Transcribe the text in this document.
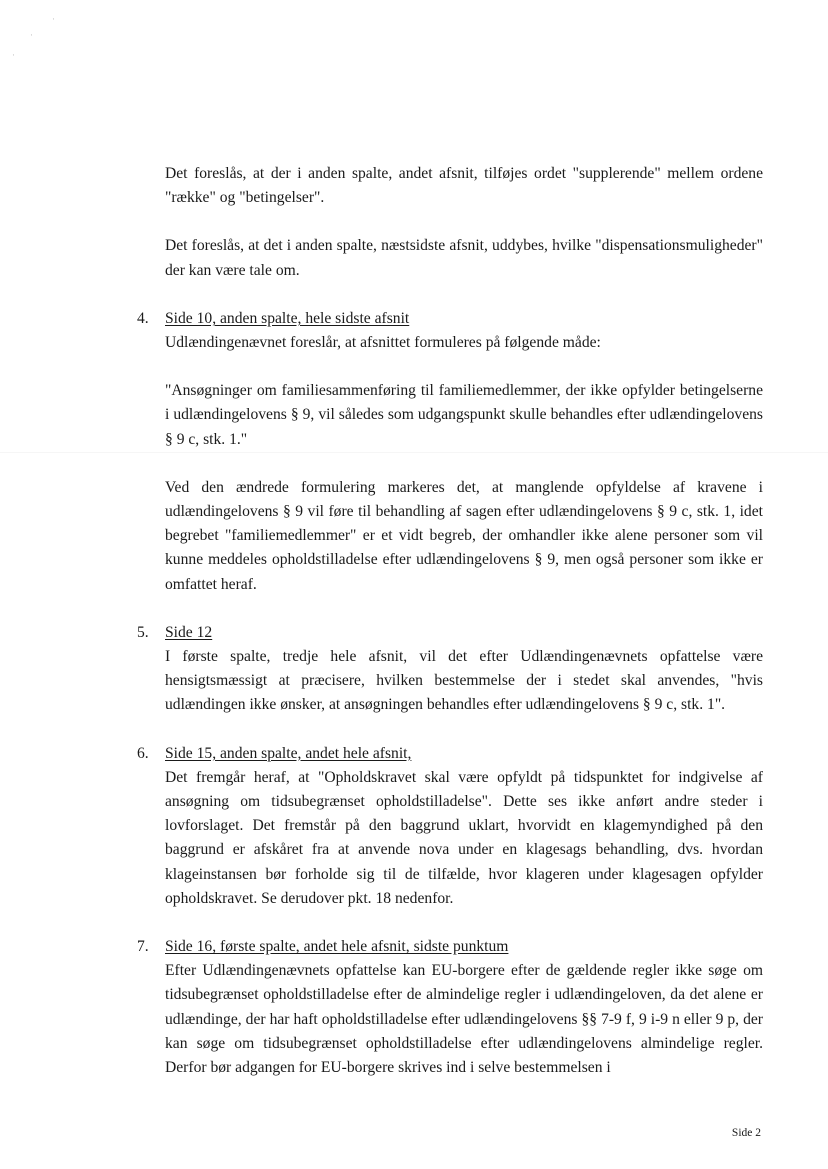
·
·
·

Det foreslås, at der i anden spalte, andet afsnit, tilføjes ordet "supplerende" mellem ordene "række" og "betingelser".

Det foreslås, at det i anden spalte, næstsidste afsnit, uddybes, hvilke "dispensationsmuligheder" der kan være tale om.

4.	Side 10, anden spalte, hele sidste afsnit

Udlændingenævnet foreslår, at afsnittet formuleres på følgende måde:

"Ansøgninger om familiesammenføring til familiemedlemmer, der ikke opfylder betingelserne i udlændingelovens § 9, vil således som udgangspunkt skulle behandles efter udlændingelovens § 9 c, stk. 1."

Ved den ændrede formulering markeres det, at manglende opfyldelse af kravene i udlændingelovens § 9 vil føre til behandling af sagen efter udlændingelovens § 9 c, stk. 1, idet begrebet "familiemedlemmer" er et vidt begreb, der omhandler ikke alene personer som vil kunne meddeles opholdstilladelse efter udlændingelovens § 9, men også personer som ikke er omfattet heraf.

5.	Side 12

I første spalte, tredje hele afsnit, vil det efter Udlændingenævnets opfattelse være hensigtsmæssigt at præcisere, hvilken bestemmelse der i stedet skal anvendes, "hvis udlændingen ikke ønsker, at ansøgningen behandles efter udlændingelovens § 9 c, stk. 1".

6.	Side 15, anden spalte, andet hele afsnit,

Det fremgår heraf, at "Opholdskravet skal være opfyldt på tidspunktet for indgivelse af ansøgning om tidsubegrænset opholdstilladelse". Dette ses ikke anført andre steder i lovforslaget. Det fremstår på den baggrund uklart, hvorvidt en klagemyndighed på den baggrund er afskåret fra at anvende nova under en klagesags behandling, dvs. hvordan klageinstansen bør forholde sig til de tilfælde, hvor klageren under klagesagen opfylder opholdskravet. Se derudover pkt. 18 nedenfor.

7.	Side 16, første spalte, andet hele afsnit, sidste punktum

Efter Udlændingenævnets opfattelse kan EU-borgere efter de gældende regler ikke søge om tidsubegrænset opholdstilladelse efter de almindelige regler i udlændingeloven, da det alene er udlændinge, der har haft opholdstilladelse efter udlændingelovens §§ 7-9 f, 9 i-9 n eller 9 p, der kan søge om tidsubegrænset opholdstilladelse efter udlændingelovens almindelige regler. Derfor bør adgangen for EU-borgere skrives ind i selve bestemmelsen i

Side 2
